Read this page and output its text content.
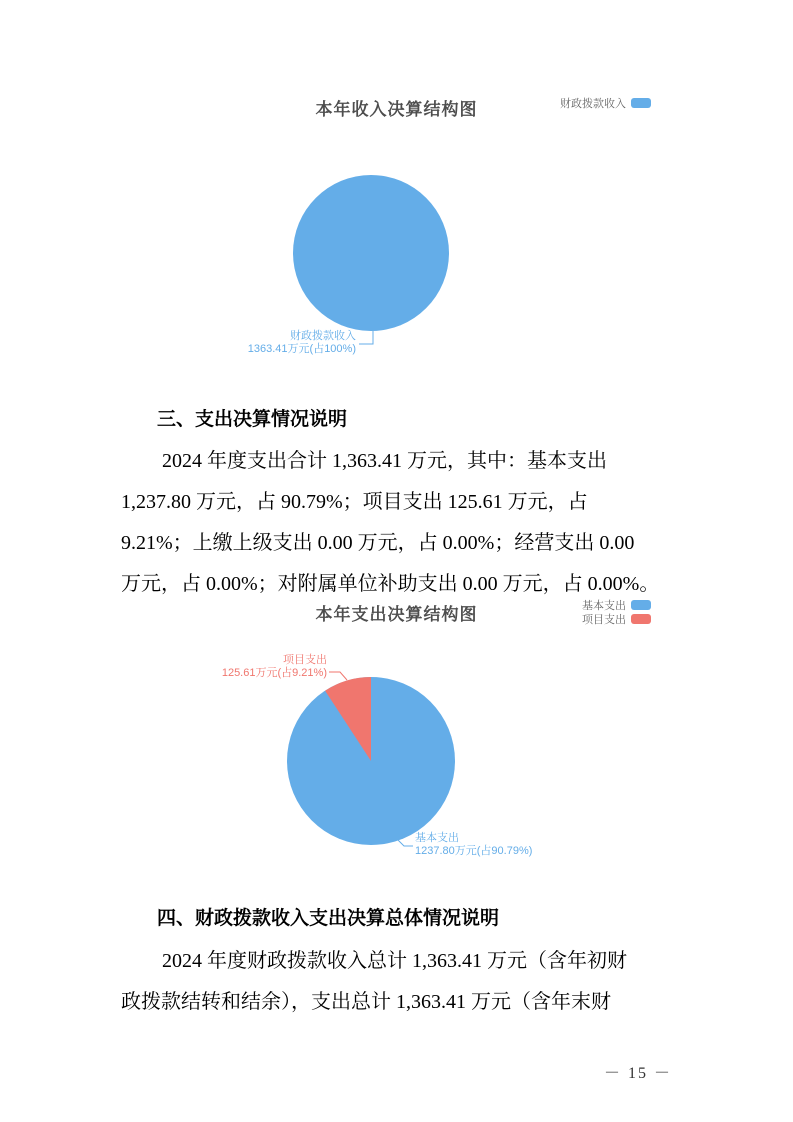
本年收入决算结构图	财政拨款收入
财政拨款收入
1363.41万元(占100%)
三、支出决算情况说明
2024 年度支出合计 1,363.41 万元，其中：基本支出
1,237.80 万元，占 90.79%；项目支出 125.61 万元，占
9.21%；上缴上级支出 0.00 万元，占 0.00%；经营支出 0.00
万元，占 0.00%；对附属单位补助支出 0.00 万元，占 0.00%。
本年支出决算结构图	基本支出
项目支出
项目支出
125.61万元(占9.21%)
基本支出
1237.80万元(占90.79%)
四、财政拨款收入支出决算总体情况说明
2024 年度财政拨款收入总计 1,363.41 万元（含年初财
政拨款结转和结余），支出总计 1,363.41 万元（含年末财
－ 15 －
